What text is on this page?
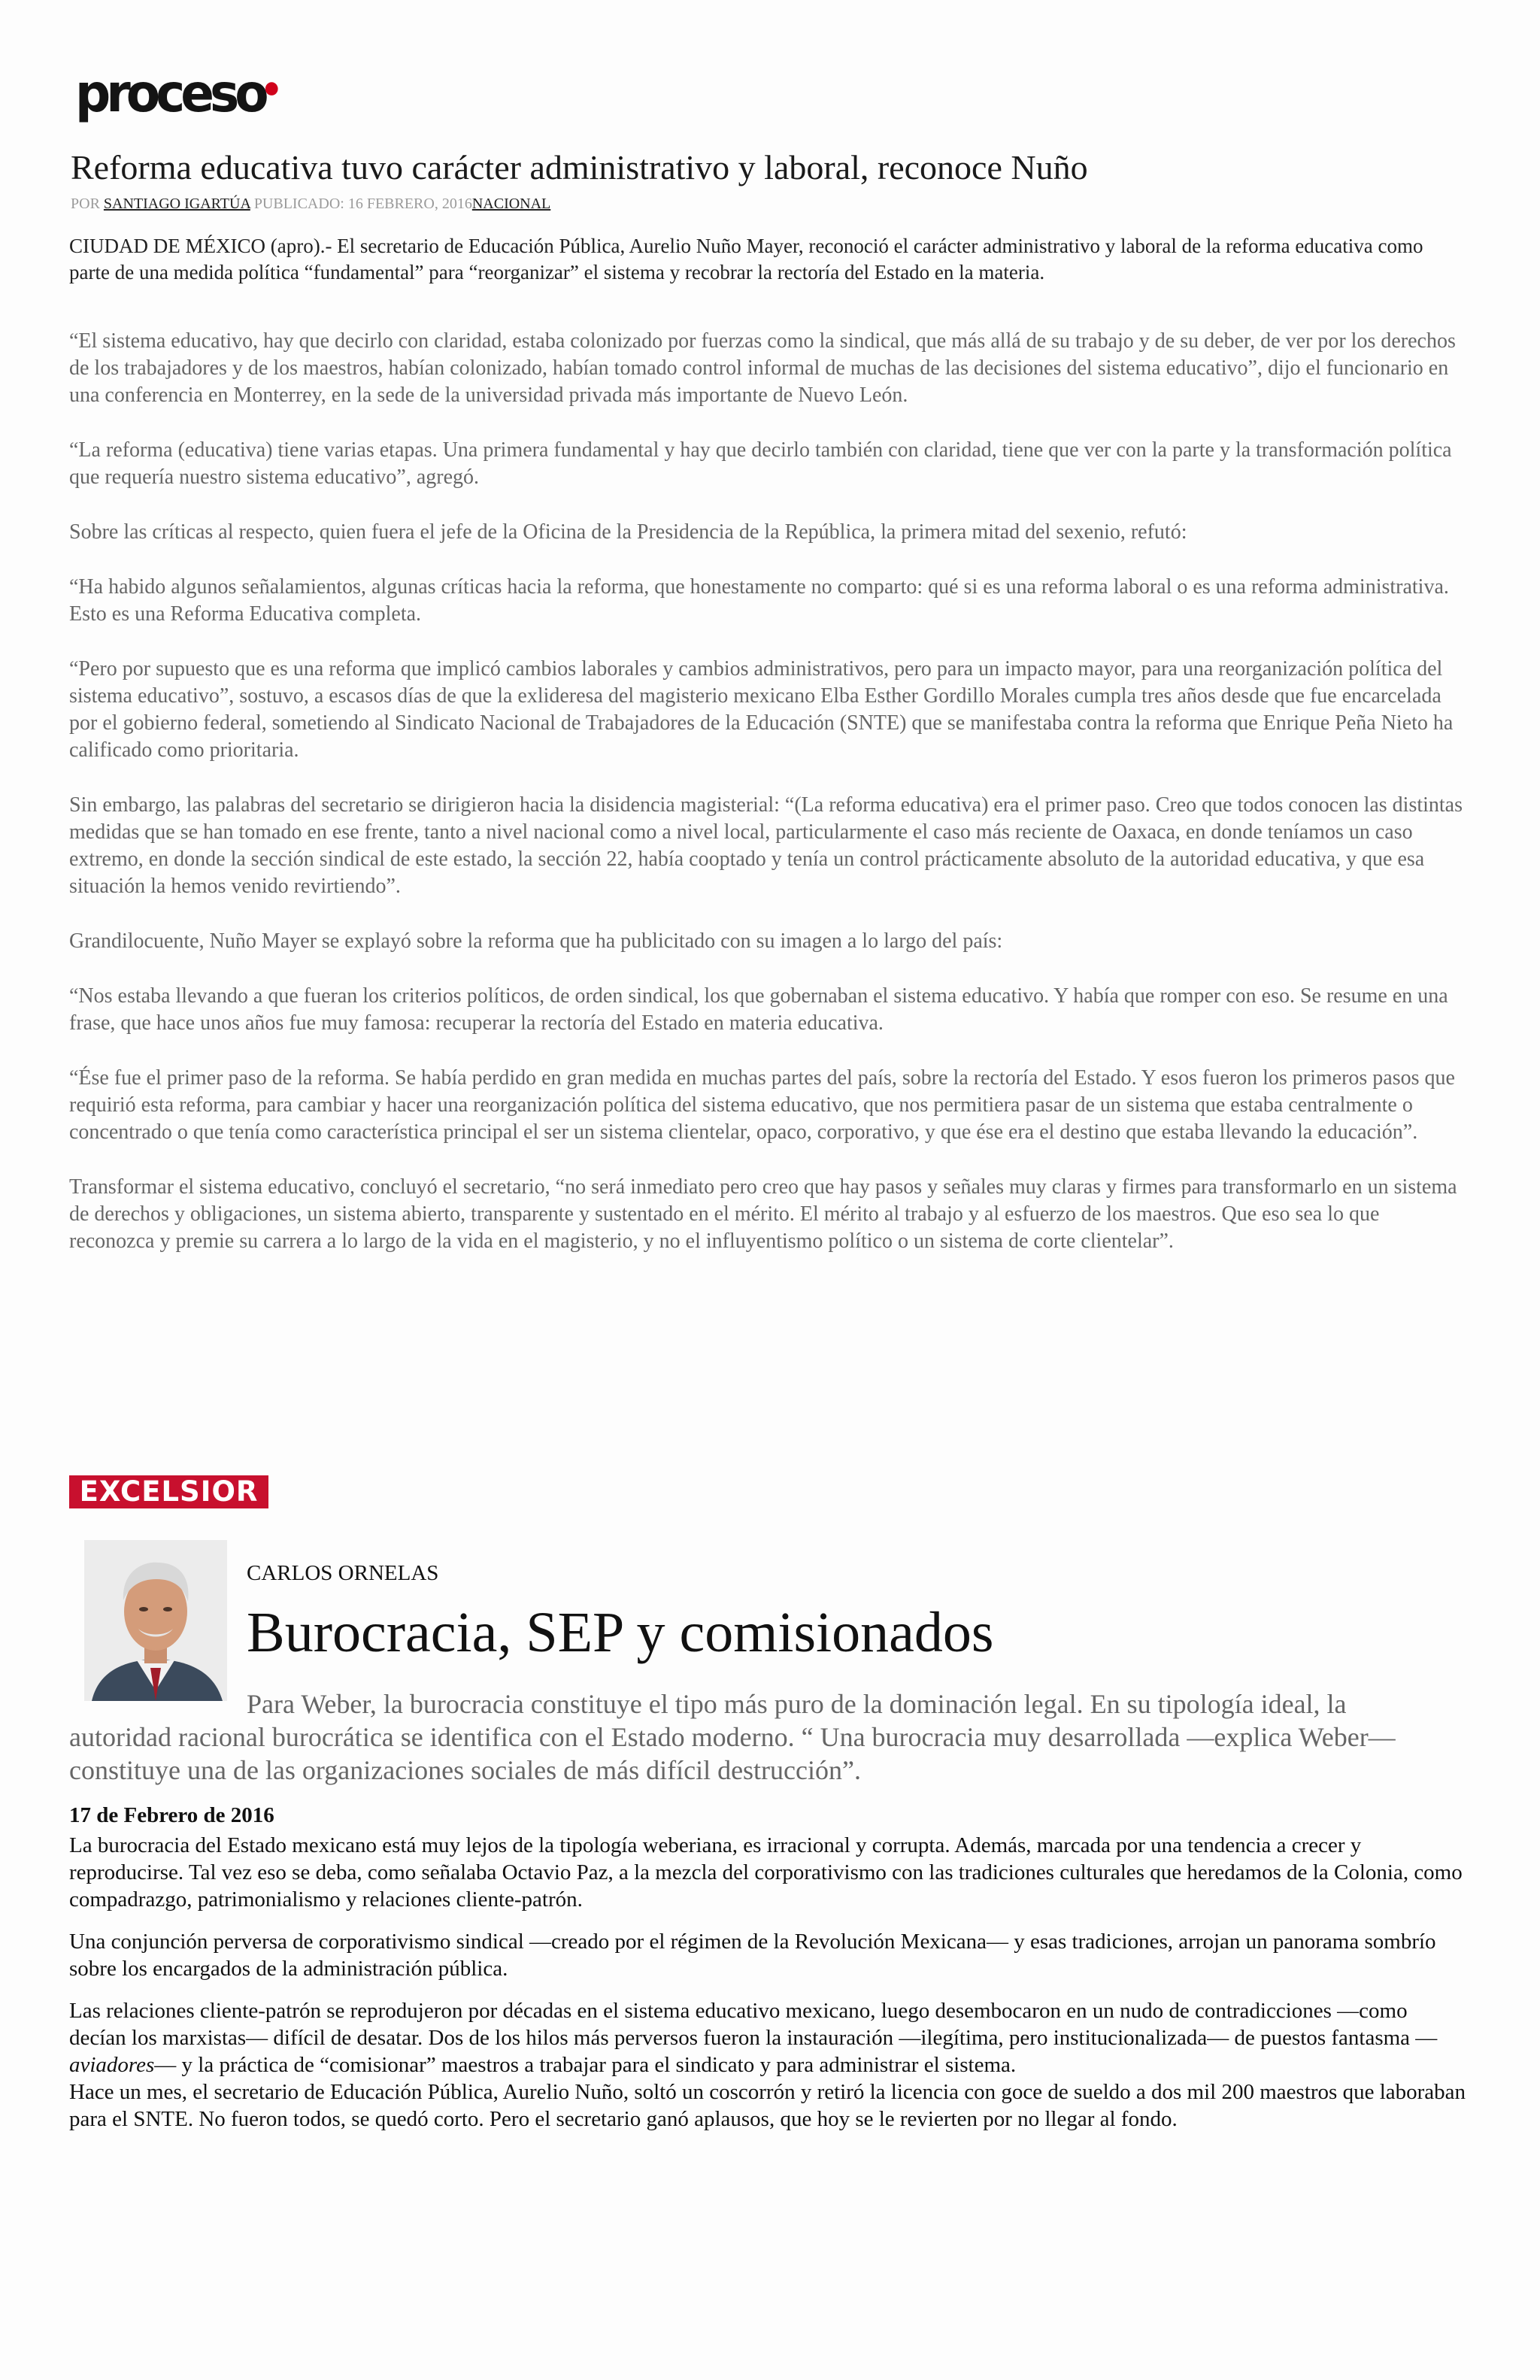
proceso●
Reforma educativa tuvo carácter administrativo y laboral, reconoce Nuño
POR SANTIAGO IGARTÚA PUBLICADO: 16 FEBRERO, 2016NACIONAL

CIUDAD DE MÉXICO (apro).- El secretario de Educación Pública, Aurelio Nuño Mayer, reconoció el carácter administrativo y laboral de la reforma educativa como parte de una medida política “fundamental” para “reorganizar” el sistema y recobrar la rectoría del Estado en la materia.

“El sistema educativo, hay que decirlo con claridad, estaba colonizado por fuerzas como la sindical, que más allá de su trabajo y de su deber, de ver por los derechos de los trabajadores y de los maestros, habían colonizado, habían tomado control informal de muchas de las decisiones del sistema educativo”, dijo el funcionario en una conferencia en Monterrey, en la sede de la universidad privada más importante de Nuevo León.

“La reforma (educativa) tiene varias etapas. Una primera fundamental y hay que decirlo también con claridad, tiene que ver con la parte y la transformación política que requería nuestro sistema educativo”, agregó.

Sobre las críticas al respecto, quien fuera el jefe de la Oficina de la Presidencia de la República, la primera mitad del sexenio, refutó:

“Ha habido algunos señalamientos, algunas críticas hacia la reforma, que honestamente no comparto: qué si es una reforma laboral o es una reforma administrativa. Esto es una Reforma Educativa completa.

“Pero por supuesto que es una reforma que implicó cambios laborales y cambios administrativos, pero para un impacto mayor, para una reorganización política del sistema educativo”, sostuvo, a escasos días de que la exlideresa del magisterio mexicano Elba Esther Gordillo Morales cumpla tres años desde que fue encarcelada por el gobierno federal, sometiendo al Sindicato Nacional de Trabajadores de la Educación (SNTE) que se manifestaba contra la reforma que Enrique Peña Nieto ha calificado como prioritaria.

Sin embargo, las palabras del secretario se dirigieron hacia la disidencia magisterial: “(La reforma educativa) era el primer paso. Creo que todos conocen las distintas medidas que se han tomado en ese frente, tanto a nivel nacional como a nivel local, particularmente el caso más reciente de Oaxaca, en donde teníamos un caso extremo, en donde la sección sindical de este estado, la sección 22, había cooptado y tenía un control prácticamente absoluto de la autoridad educativa, y que esa situación la hemos venido revirtiendo”.

Grandilocuente, Nuño Mayer se explayó sobre la reforma que ha publicitado con su imagen a lo largo del país:

“Nos estaba llevando a que fueran los criterios políticos, de orden sindical, los que gobernaban el sistema educativo. Y había que romper con eso. Se resume en una frase, que hace unos años fue muy famosa: recuperar la rectoría del Estado en materia educativa.

“Ése fue el primer paso de la reforma. Se había perdido en gran medida en muchas partes del país, sobre la rectoría del Estado. Y esos fueron los primeros pasos que requirió esta reforma, para cambiar y hacer una reorganización política del sistema educativo, que nos permitiera pasar de un sistema que estaba centralmente o concentrado o que tenía como característica principal el ser un sistema clientelar, opaco, corporativo, y que ése era el destino que estaba llevando la educación”.

Transformar el sistema educativo, concluyó el secretario, “no será inmediato pero creo que hay pasos y señales muy claras y firmes para transformarlo en un sistema de derechos y obligaciones, un sistema abierto, transparente y sustentado en el mérito. El mérito al trabajo y al esfuerzo de los maestros. Que eso sea lo que reconozca y premie su carrera a lo largo de la vida en el magisterio, y no el influyentismo político o un sistema de corte clientelar”.

EXCELSIOR
CARLOS ORNELAS
Burocracia, SEP y comisionados

Para Weber, la burocracia constituye el tipo más puro de la dominación legal. En su tipología ideal, la autoridad racional burocrática se identifica con el Estado moderno. “ Una burocracia muy desarrollada —explica Weber— constituye una de las organizaciones sociales de más difícil destrucción”.

17 de Febrero de 2016

La burocracia del Estado mexicano está muy lejos de la tipología weberiana, es irracional y corrupta. Además, marcada por una tendencia a crecer y reproducirse. Tal vez eso se deba, como señalaba Octavio Paz, a la mezcla del corporativismo con las tradiciones culturales que heredamos de la Colonia, como compadrazgo, patrimonialismo y relaciones cliente-patrón.

Una conjunción perversa de corporativismo sindical —creado por el régimen de la Revolución Mexicana— y esas tradiciones, arrojan un panorama sombrío sobre los encargados de la administración pública.

Las relaciones cliente-patrón se reprodujeron por décadas en el sistema educativo mexicano, luego desembocaron en un nudo de contradicciones —como decían los marxistas— difícil de desatar. Dos de los hilos más perversos fueron la instauración —ilegítima, pero institucionalizada— de puestos fantasma —aviadores— y la práctica de “comisionar” maestros a trabajar para el sindicato y para administrar el sistema.

Hace un mes, el secretario de Educación Pública, Aurelio Nuño, soltó un coscorrón y retiró la licencia con goce de sueldo a dos mil 200 maestros que laboraban para el SNTE. No fueron todos, se quedó corto. Pero el secretario ganó aplausos, que hoy se le revierten por no llegar al fondo.
